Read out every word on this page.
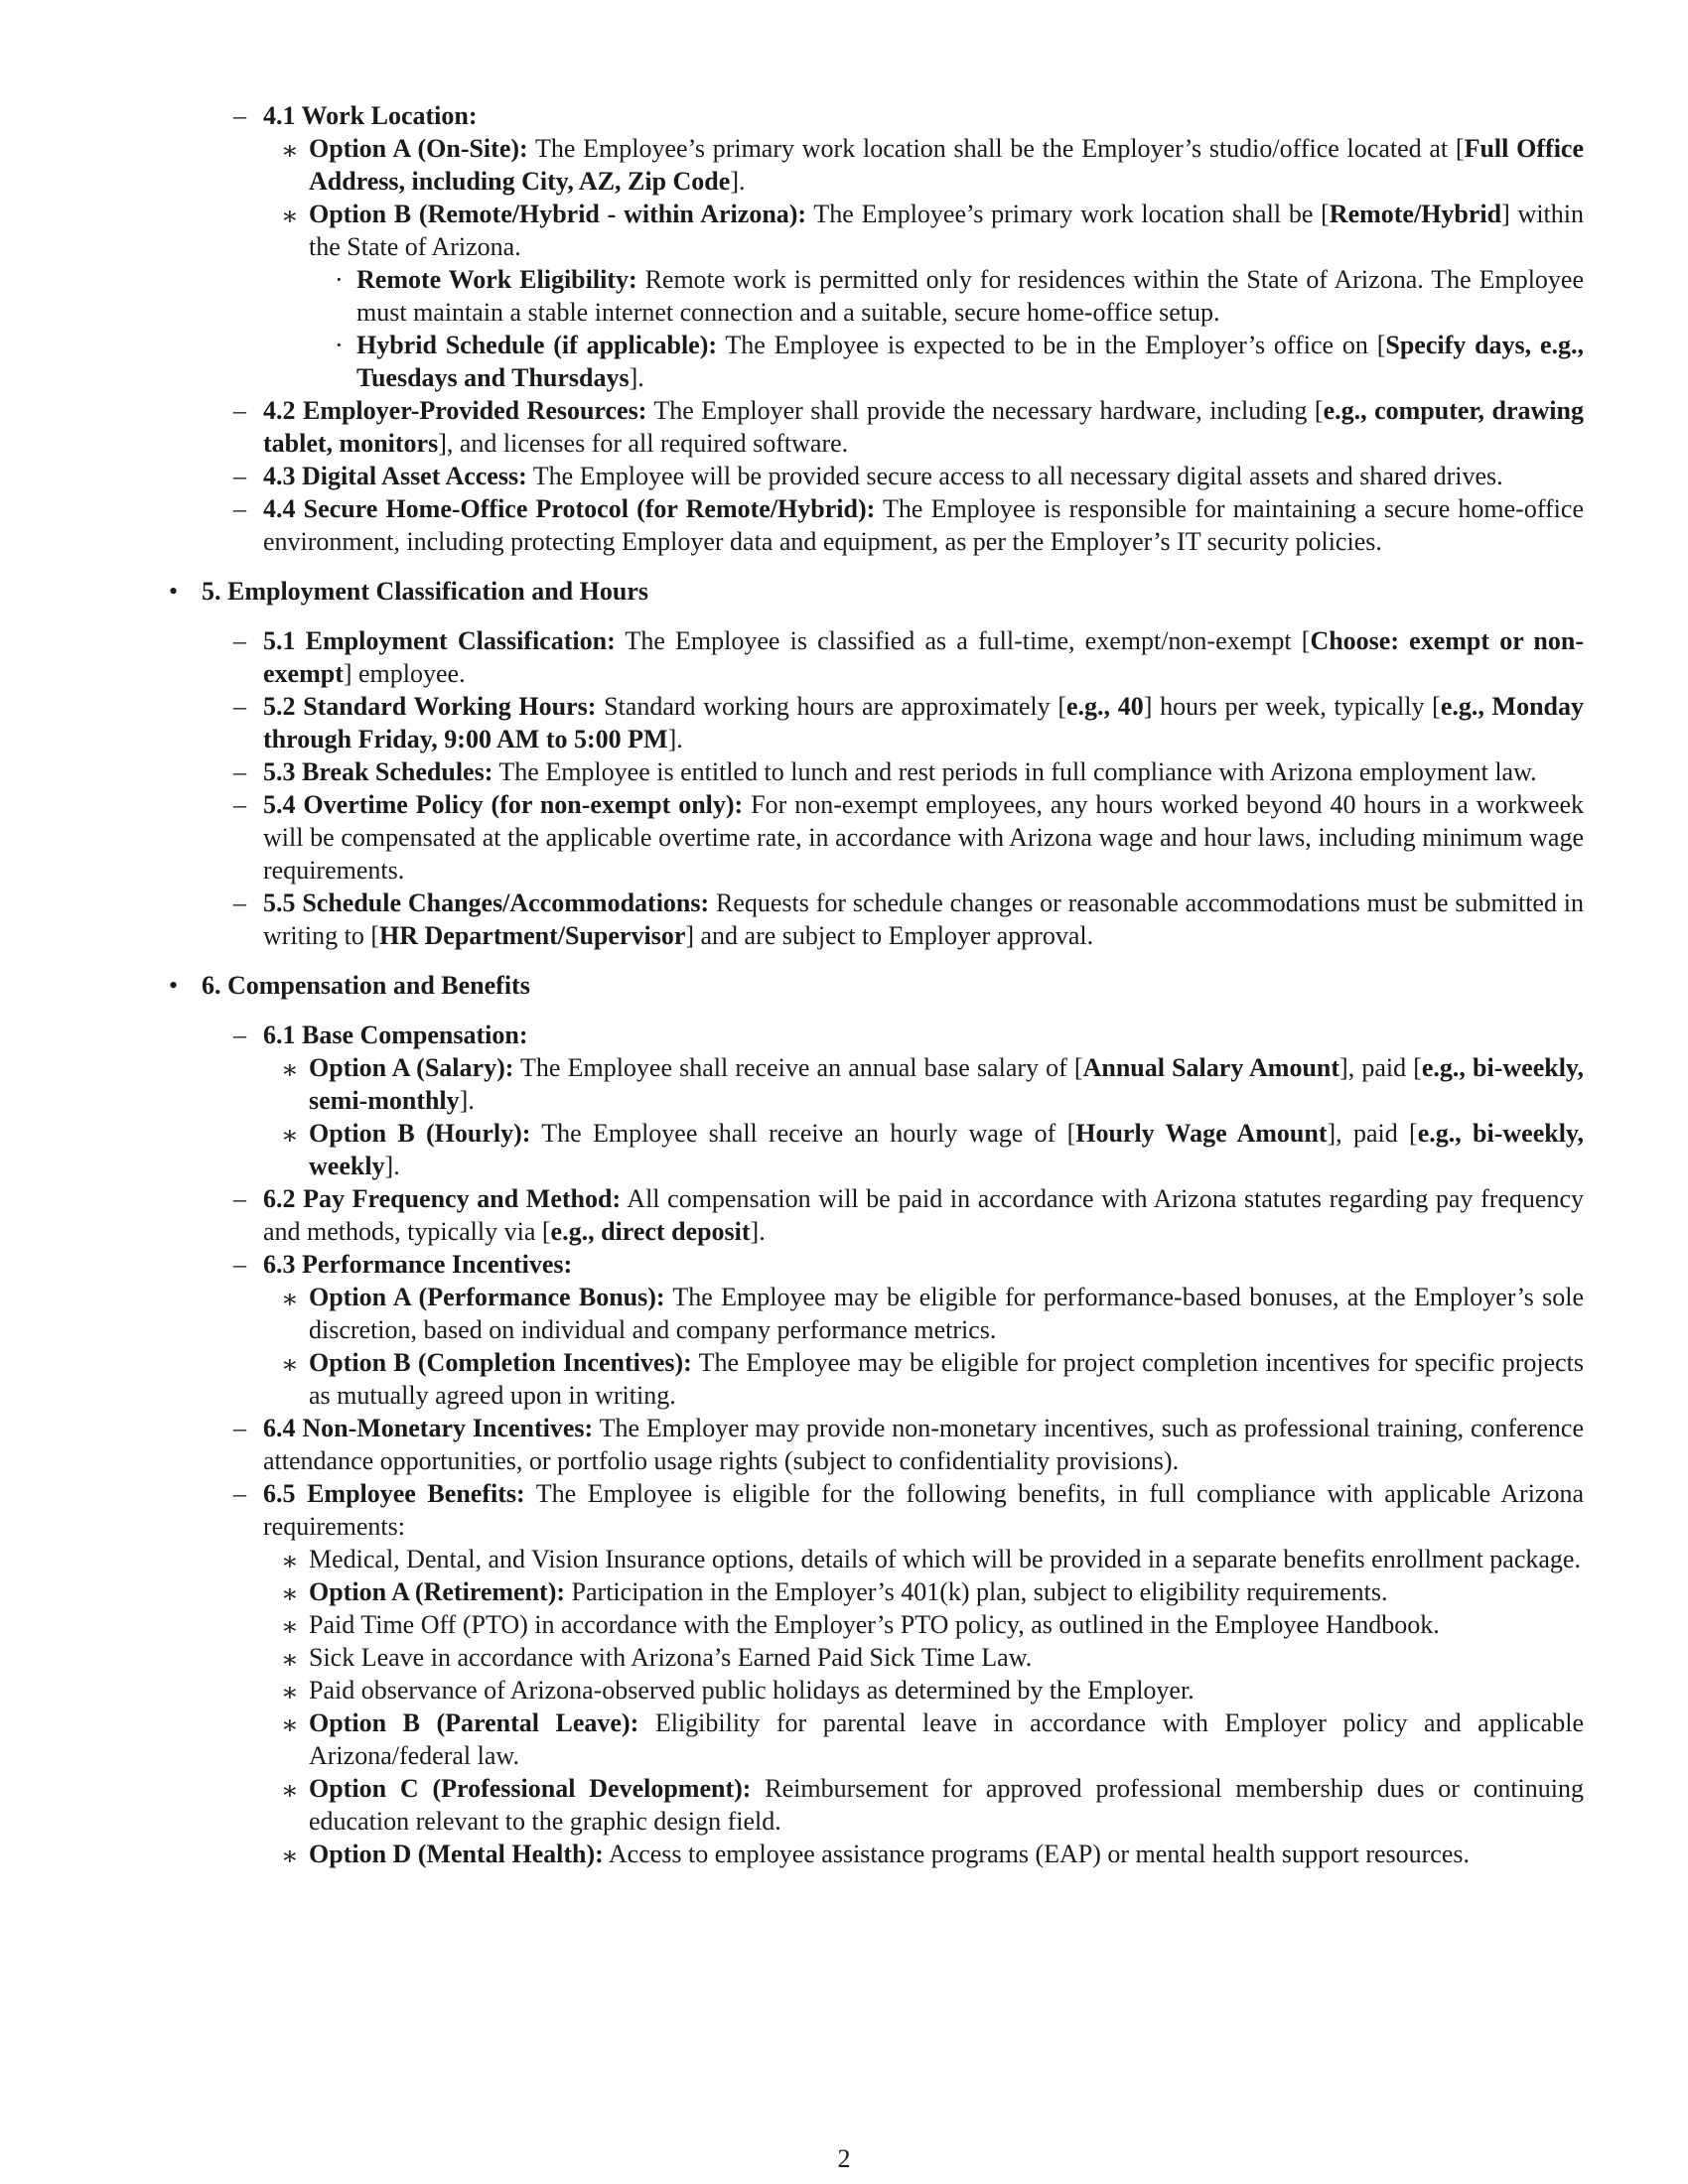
– 4.1 Work Location:
∗ Option A (On-Site): The Employee’s primary work location shall be the Employer’s studio/office located at [Full Office Address, including City, AZ, Zip Code].
∗ Option B (Remote/Hybrid - within Arizona): The Employee’s primary work location shall be [Remote/Hybrid] within the State of Arizona.
· Remote Work Eligibility: Remote work is permitted only for residences within the State of Arizona. The Employee must maintain a stable internet connection and a suitable, secure home-office setup.
· Hybrid Schedule (if applicable): The Employee is expected to be in the Employer’s office on [Specify days, e.g., Tuesdays and Thursdays].
– 4.2 Employer-Provided Resources: The Employer shall provide the necessary hardware, including [e.g., computer, drawing tablet, monitors], and licenses for all required software.
– 4.3 Digital Asset Access: The Employee will be provided secure access to all necessary digital assets and shared drives.
– 4.4 Secure Home-Office Protocol (for Remote/Hybrid): The Employee is responsible for maintaining a secure home-office environment, including protecting Employer data and equipment, as per the Employer’s IT security policies.
• 5. Employment Classification and Hours
– 5.1 Employment Classification: The Employee is classified as a full-time, exempt/non-exempt [Choose: exempt or non-exempt] employee.
– 5.2 Standard Working Hours: Standard working hours are approximately [e.g., 40] hours per week, typically [e.g., Monday through Friday, 9:00 AM to 5:00 PM].
– 5.3 Break Schedules: The Employee is entitled to lunch and rest periods in full compliance with Arizona employment law.
– 5.4 Overtime Policy (for non-exempt only): For non-exempt employees, any hours worked beyond 40 hours in a workweek will be compensated at the applicable overtime rate, in accordance with Arizona wage and hour laws, including minimum wage requirements.
– 5.5 Schedule Changes/Accommodations: Requests for schedule changes or reasonable accommodations must be submitted in writing to [HR Department/Supervisor] and are subject to Employer approval.
• 6. Compensation and Benefits
– 6.1 Base Compensation:
∗ Option A (Salary): The Employee shall receive an annual base salary of [Annual Salary Amount], paid [e.g., bi-weekly, semi-monthly].
∗ Option B (Hourly): The Employee shall receive an hourly wage of [Hourly Wage Amount], paid [e.g., bi-weekly, weekly].
– 6.2 Pay Frequency and Method: All compensation will be paid in accordance with Arizona statutes regarding pay frequency and methods, typically via [e.g., direct deposit].
– 6.3 Performance Incentives:
∗ Option A (Performance Bonus): The Employee may be eligible for performance-based bonuses, at the Employer’s sole discretion, based on individual and company performance metrics.
∗ Option B (Completion Incentives): The Employee may be eligible for project completion incentives for specific projects as mutually agreed upon in writing.
– 6.4 Non-Monetary Incentives: The Employer may provide non-monetary incentives, such as professional training, conference attendance opportunities, or portfolio usage rights (subject to confidentiality provisions).
– 6.5 Employee Benefits: The Employee is eligible for the following benefits, in full compliance with applicable Arizona requirements:
∗ Medical, Dental, and Vision Insurance options, details of which will be provided in a separate benefits enrollment package.
∗ Option A (Retirement): Participation in the Employer’s 401(k) plan, subject to eligibility requirements.
∗ Paid Time Off (PTO) in accordance with the Employer’s PTO policy, as outlined in the Employee Handbook.
∗ Sick Leave in accordance with Arizona’s Earned Paid Sick Time Law.
∗ Paid observance of Arizona-observed public holidays as determined by the Employer.
∗ Option B (Parental Leave): Eligibility for parental leave in accordance with Employer policy and applicable Arizona/federal law.
∗ Option C (Professional Development): Reimbursement for approved professional membership dues or continuing education relevant to the graphic design field.
∗ Option D (Mental Health): Access to employee assistance programs (EAP) or mental health support resources.
2
